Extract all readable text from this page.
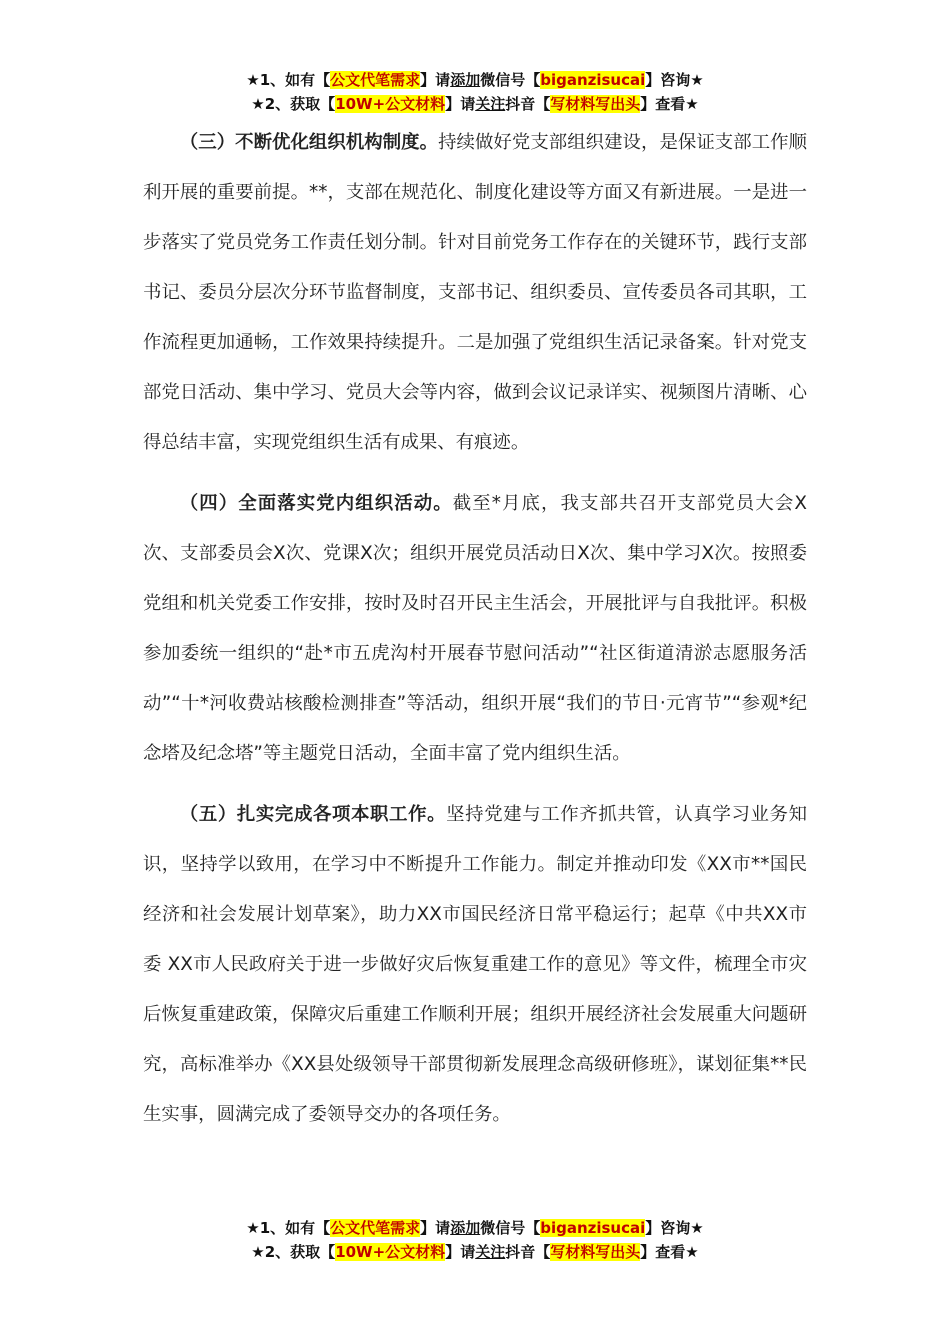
★1、如有【公文代笔需求】请添加微信号【biganzisucai】咨询★
★2、获取【10W+公文材料】请关注抖音【写材料写出头】查看★

（三）不断优化组织机构制度。持续做好党支部组织建设，是保证支部工作顺利开展的重要前提。**，支部在规范化、制度化建设等方面又有新进展。一是进一步落实了党员党务工作责任划分制。针对目前党务工作存在的关键环节，践行支部书记、委员分层次分环节监督制度，支部书记、组织委员、宣传委员各司其职，工作流程更加通畅，工作效果持续提升。二是加强了党组织生活记录备案。针对党支部党日活动、集中学习、党员大会等内容，做到会议记录详实、视频图片清晰、心得总结丰富，实现党组织生活有成果、有痕迹。

（四）全面落实党内组织活动。截至*月底，我支部共召开支部党员大会X次、支部委员会X次、党课X次；组织开展党员活动日X次、集中学习X次。按照委党组和机关党委工作安排，按时及时召开民主生活会，开展批评与自我批评。积极参加委统一组织的“赴*市五虎沟村开展春节慰问活动”“社区街道清淤志愿服务活动”“十*河收费站核酸检测排查”等活动，组织开展“我们的节日·元宵节”“参观*纪念塔及纪念塔”等主题党日活动，全面丰富了党内组织生活。

（五）扎实完成各项本职工作。坚持党建与工作齐抓共管，认真学习业务知识，坚持学以致用，在学习中不断提升工作能力。制定并推动印发《XX市**国民经济和社会发展计划草案》，助力XX市国民经济日常平稳运行；起草《中共XX市委 XX市人民政府关于进一步做好灾后恢复重建工作的意见》等文件，梳理全市灾后恢复重建政策，保障灾后重建工作顺利开展；组织开展经济社会发展重大问题研究，高标准举办《XX县处级领导干部贯彻新发展理念高级研修班》，谋划征集**民生实事，圆满完成了委领导交办的各项任务。

★1、如有【公文代笔需求】请添加微信号【biganzisucai】咨询★
★2、获取【10W+公文材料】请关注抖音【写材料写出头】查看★
